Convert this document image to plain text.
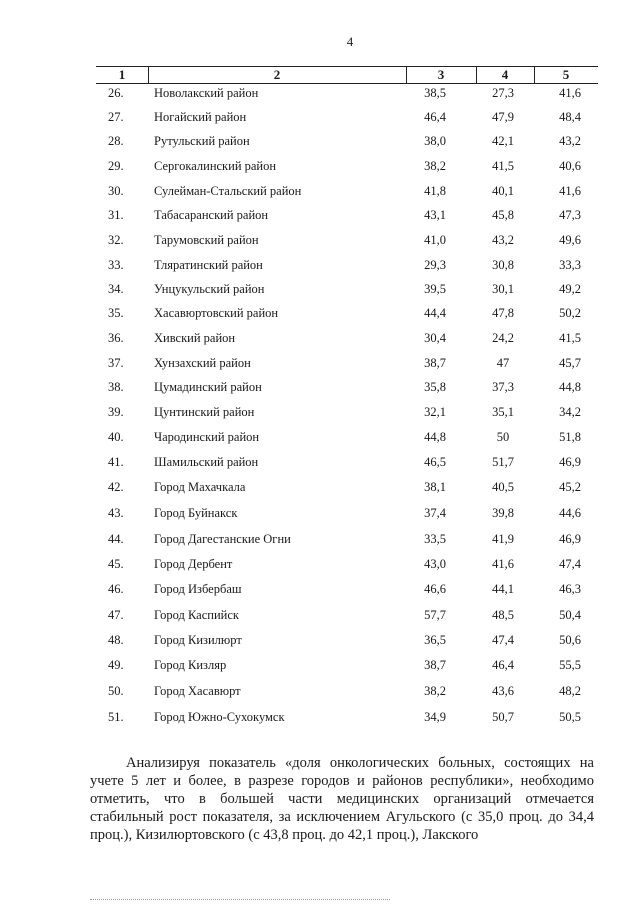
4
1	2	3	4	5
26. Новолакский район	38,5	27,3	41,6
27. Ногайский район	46,4	47,9	48,4
28. Рутульский район	38,0	42,1	43,2
29. Сергокалинский район	38,2	41,5	40,6
30. Сулейман-Стальский район	41,8	40,1	41,6
31. Табасаранский район	43,1	45,8	47,3
32. Тарумовский район	41,0	43,2	49,6
33. Тляратинский район	29,3	30,8	33,3
34. Унцукульский район	39,5	30,1	49,2
35. Хасавюртовский район	44,4	47,8	50,2
36. Хивский район	30,4	24,2	41,5
37. Хунзахский район	38,7	47	45,7
38. Цумадинский район	35,8	37,3	44,8
39. Цунтинский район	32,1	35,1	34,2
40. Чародинский район	44,8	50	51,8
41. Шамильский район	46,5	51,7	46,9
42. Город Махачкала	38,1	40,5	45,2
43. Город Буйнакск	37,4	39,8	44,6
44. Город Дагестанские Огни	33,5	41,9	46,9
45. Город Дербент	43,0	41,6	47,4
46. Город Избербаш	46,6	44,1	46,3
47. Город Каспийск	57,7	48,5	50,4
48. Город Кизилюрт	36,5	47,4	50,6
49. Город Кизляр	38,7	46,4	55,5
50. Город Хасавюрт	38,2	43,6	48,2
51. Город Южно-Сухокумск	34,9	50,7	50,5

Анализируя показатель «доля онкологических больных, состоящих на учете 5 лет и более, в разрезе городов и районов республики», необходимо отметить, что в большей части медицинских организаций отмечается стабильный рост показателя, за исключением Агульского (с 35,0 проц. до 34,4 проц.), Кизилюртовского (с 43,8 проц. до 42,1 проц.), Лакского
